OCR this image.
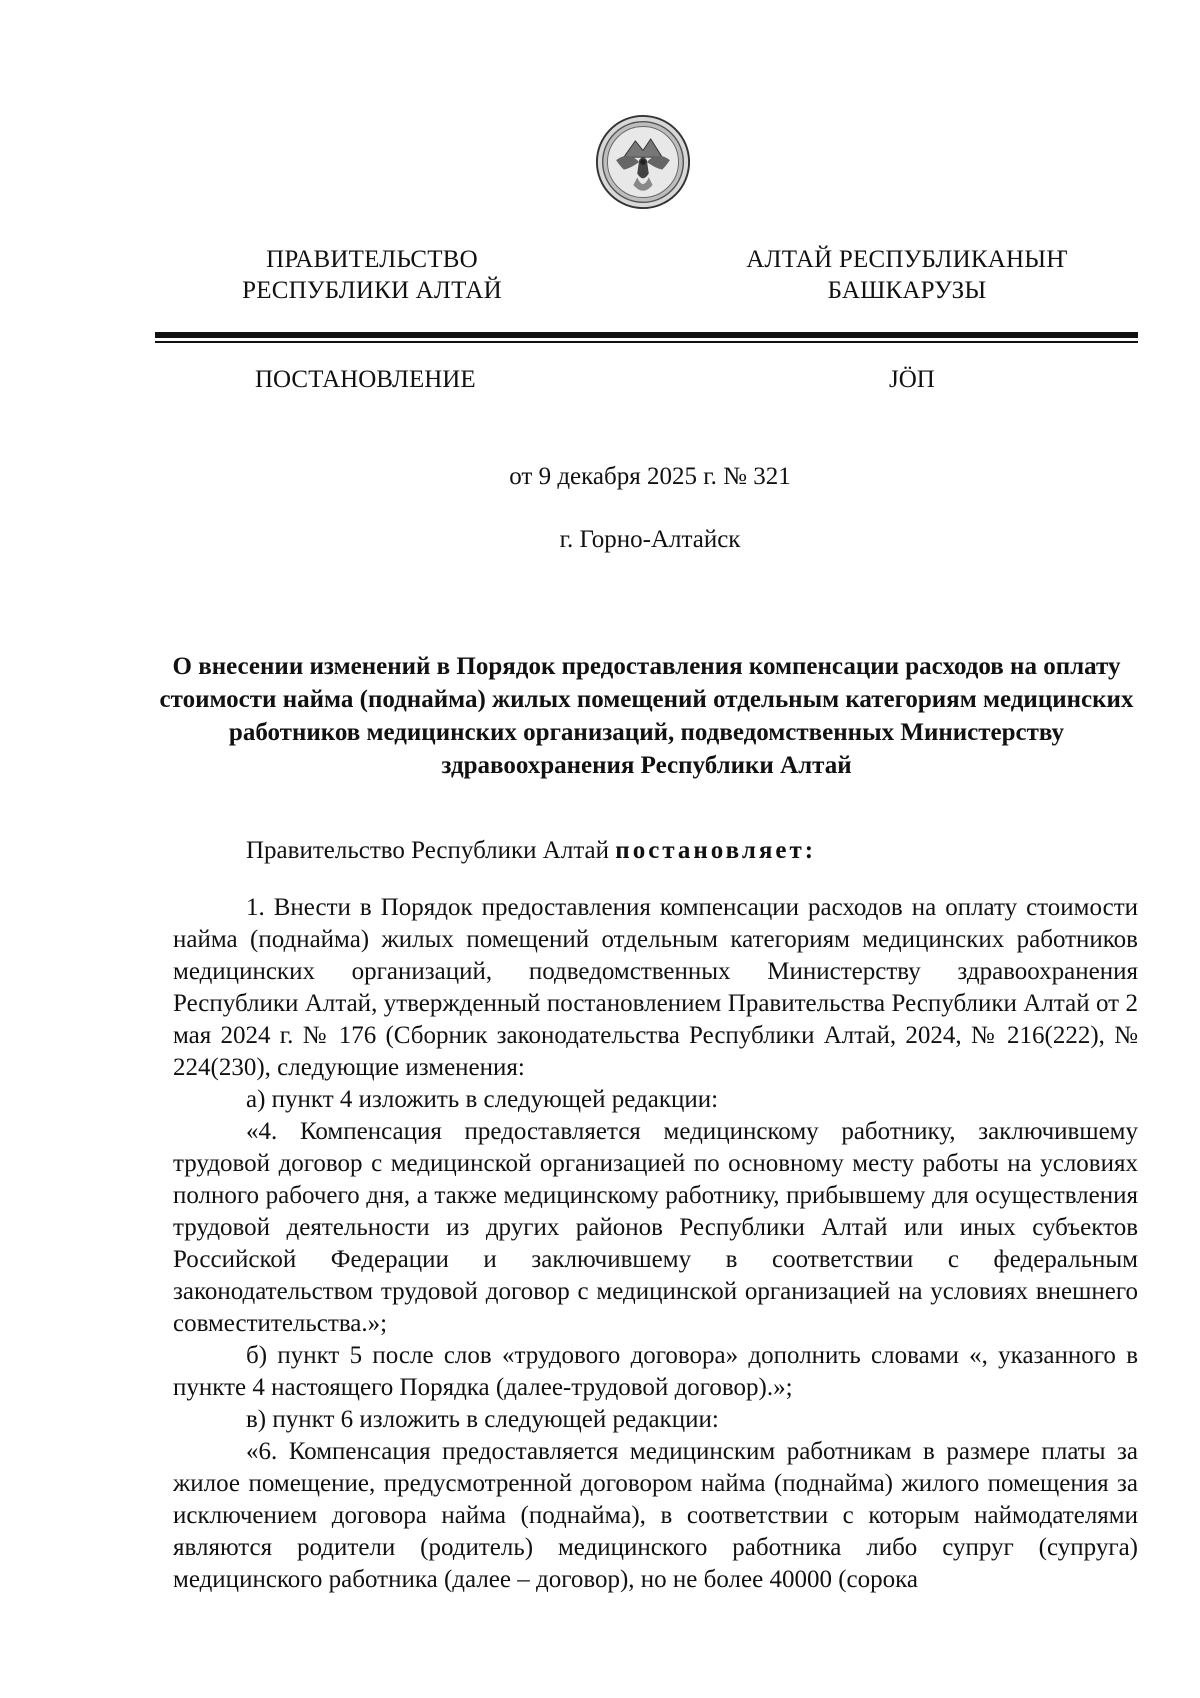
ПРАВИТЕЛЬСТВО
РЕСПУБЛИКИ АЛТАЙ
АЛТАЙ РЕСПУБЛИКАНЫҤ
БАШКАРУЗЫ
ПОСТАНОВЛЕНИЕ	ЈÖП
от 9 декабря 2025 г. № 321
г. Горно-Алтайск
О внесении изменений в Порядок предоставления компенсации расходов на оплату стоимости найма (поднайма) жилых помещений отдельным категориям медицинских работников медицинских организаций, подведомственных Министерству здравоохранения Республики Алтай

Правительство Республики Алтай постановляет:

1. Внести в Порядок предоставления компенсации расходов на оплату стоимости найма (поднайма) жилых помещений отдельным категориям медицинских работников медицинских организаций, подведомственных Министерству здравоохранения Республики Алтай, утвержденный постановлением Правительства Республики Алтай от 2 мая 2024 г. № 176 (Сборник законодательства Республики Алтай, 2024, № 216(222), № 224(230), следующие изменения:

а) пункт 4 изложить в следующей редакции:

«4. Компенсация предоставляется медицинскому работнику, заключившему трудовой договор с медицинской организацией по основному месту работы на условиях полного рабочего дня, а также медицинскому работнику, прибывшему для осуществления трудовой деятельности из других районов Республики Алтай или иных субъектов Российской Федерации и заключившему в соответствии с федеральным законодательством трудовой договор с медицинской организацией на условиях внешнего совместительства.»;

б) пункт 5 после слов «трудового договора» дополнить словами «, указанного в пункте 4 настоящего Порядка (далее-трудовой договор).»;

в) пункт 6 изложить в следующей редакции:

«6. Компенсация предоставляется медицинским работникам в размере платы за жилое помещение, предусмотренной договором найма (поднайма) жилого помещения за исключением договора найма (поднайма), в соответствии с которым наймодателями являются родители (родитель) медицинского работника либо супруг (супруга) медицинского работника (далее – договор), но не более 40000 (сорока
